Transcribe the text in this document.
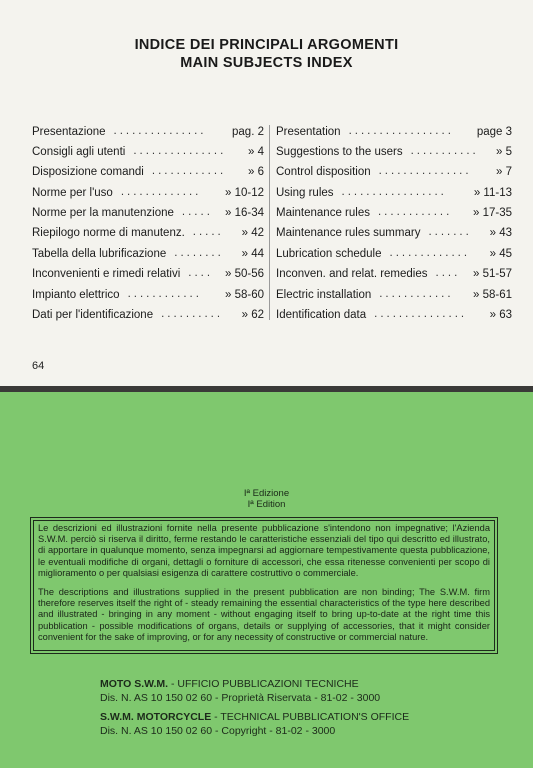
INDICE DEI PRINCIPALI ARGOMENTI
MAIN SUBJECTS INDEX
Presentazione	pag. 2
...............
Consigli agli utenti	» 4
...............
Disposizione comandi	» 6
............
Norme per l'uso	» 10-12
.............
Norme per la manutenzione	» 16-34
.....
Riepilogo norme di manutenz.	» 42
.....
Tabella della lubrificazione	» 44
........
Inconvenienti e rimedi relativi	» 50-56
....
Impianto elettrico	» 58-60
............
Dati per l'identificazione	» 62
..........
Presentation	page 3
.................
Suggestions to the users	» 5
...........
Control disposition	» 7
...............
Using rules	» 11-13
.................
Maintenance rules	» 17-35
............
Maintenance rules summary	» 43
.......
Lubrication schedule	» 45
.............
Inconven. and relat. remedies	» 51-57
....
Electric installation	» 58-61
............
Identification data	» 63
...............
64
Iª Edizione
Iª Edition

Le descrizioni ed illustrazioni fornite nella presente pubblicazione s'intendono non impegnative; l'Azienda S.W.M. perciò si riserva il diritto, ferme restando le caratteristiche essenziali del tipo qui descritto ed illustrato, di apportare in qualunque momento, senza impegnarsi ad aggiornare tempestivamente questa pubblicazione, le eventuali modifiche di organi, dettagli o forniture di accessori, che essa ritenesse convenienti per scopo di miglioramento o per qualsiasi esigenza di carattere costruttivo o commerciale.

The descriptions and illustrations supplied in the present pubblication are non binding; The S.W.M. firm therefore reserves itself the right of - steady remaining the essential characteristics of the type here described and illustrated - bringing in any moment - without engaging itself to bring up-to-date at the right time this pubblication - possible modifications of organs, details or supplying of accessories, that it might consider convenient for the sake of improving, or for any necessity of constructive or commercial nature.

MOTO S.W.M. - UFFICIO PUBBLICAZIONI TECNICHE
Dis. N. AS 10 150 02 60 - Proprietà Riservata - 81-02 - 3000
S.W.M. MOTORCYCLE - TECHNICAL PUBBLICATION'S OFFICE
Dis. N. AS 10 150 02 60 - Copyright - 81-02 - 3000
